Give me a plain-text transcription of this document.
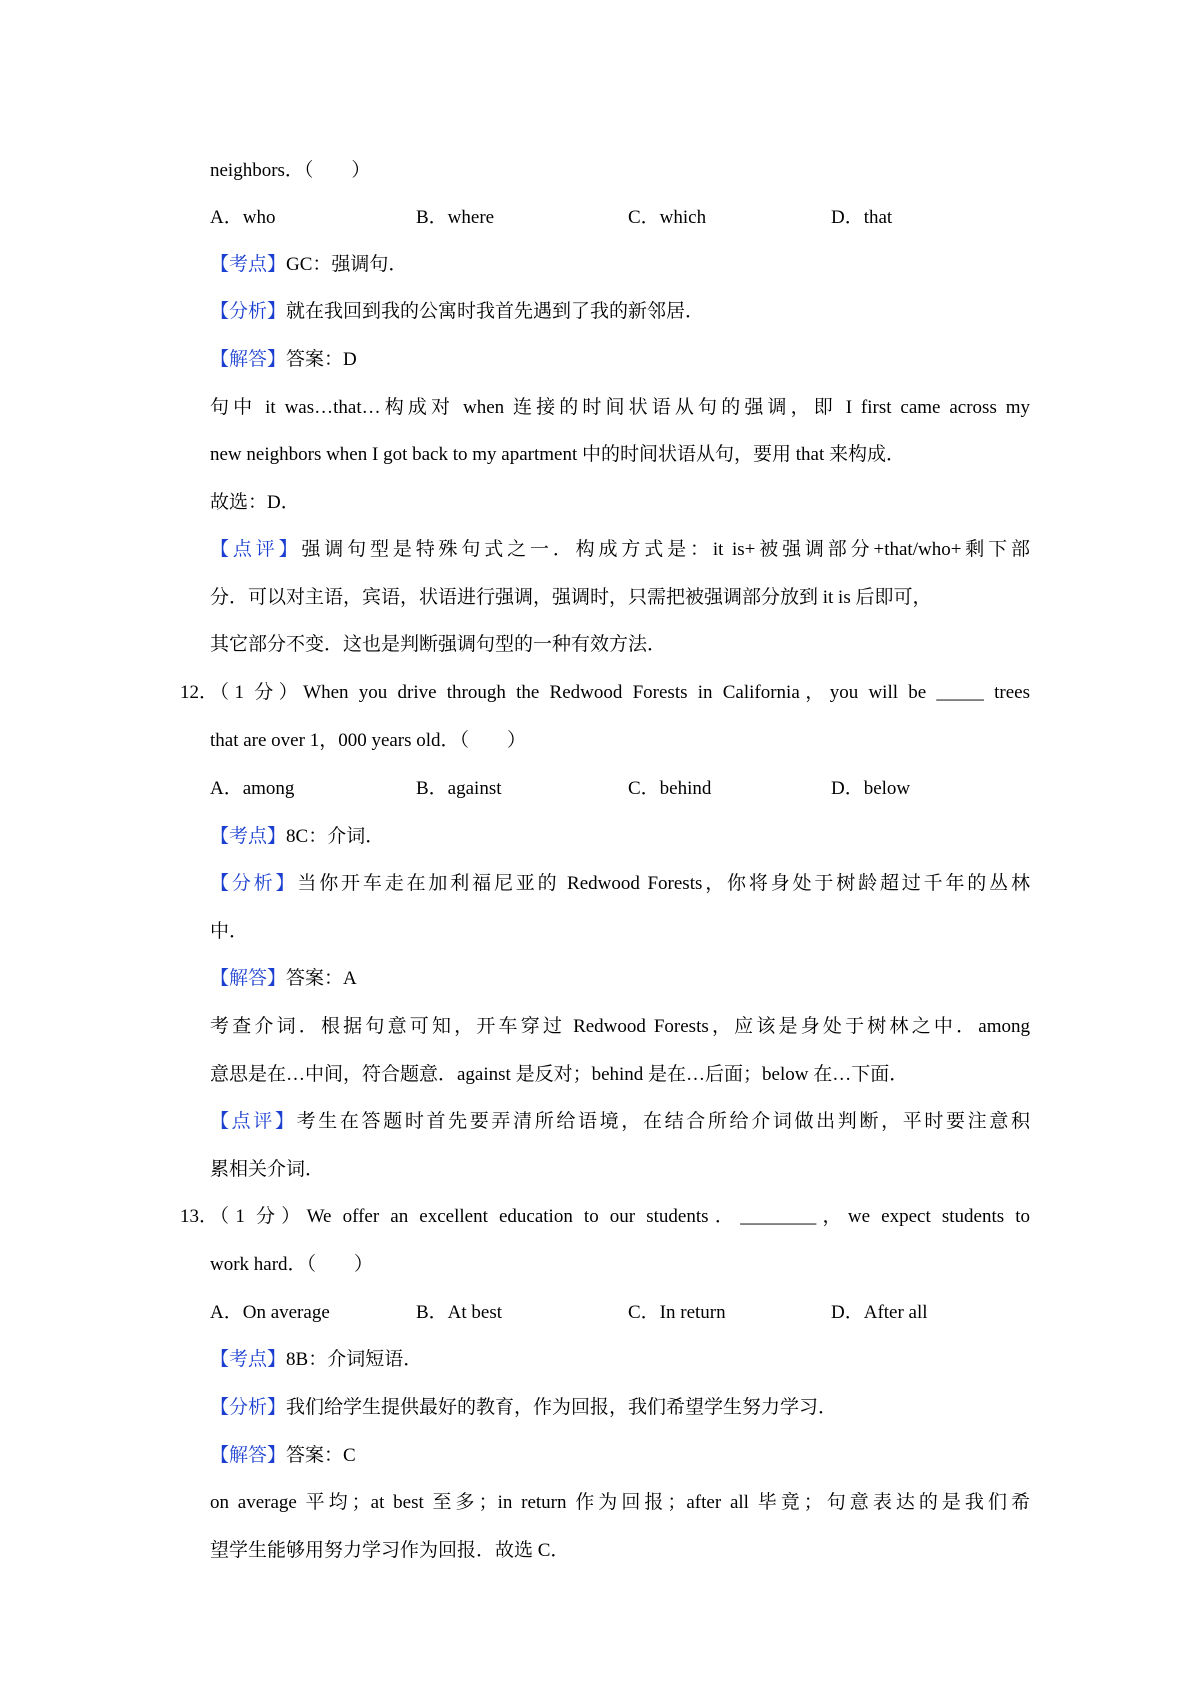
neighbors．（　　）
A．who	B．where	C．which	D．that
【考点】GC：强调句．
【分析】就在我回到我的公寓时我首先遇到了我的新邻居．
【解答】答案：D
句中 it was…that…构成对 when 连接的时间状语从句的强调，即 I first came across my
new neighbors when I got back to my apartment 中的时间状语从句，要用 that 来构成．
故选：D．
【点评】强调句型是特殊句式之一．构成方式是：it is+被强调部分+that/who+剩下部
分．可以对主语，宾语，状语进行强调，强调时，只需把被强调部分放到 it is 后即可，
其它部分不变．这也是判断强调句型的一种有效方法．
12．
（1 分）When you drive through the Redwood Forests in California，you will be _____ trees
that are over 1，000 years old．（　　）
A．among	B．against	C．behind	D．below
【考点】8C：介词．
【分析】当你开车走在加利福尼亚的 Redwood Forests，你将身处于树龄超过千年的丛林
中．
【解答】答案：A
考查介词．根据句意可知，开车穿过 Redwood Forests，应该是身处于树林之中．among
意思是在…中间，符合题意．against 是反对；behind 是在…后面；below 在…下面．
【点评】考生在答题时首先要弄清所给语境，在结合所给介词做出判断，平时要注意积
累相关介词．
13．
（1 分）We offer an excellent education to our students．________，we expect students to
work hard．（　　）
A．On average	B．At best	C．In return	D．After all
【考点】8B：介词短语．
【分析】我们给学生提供最好的教育，作为回报，我们希望学生努力学习．
【解答】答案：C
on average 平均；at best 至多；in return 作为回报；after all 毕竟；句意表达的是我们希
望学生能够用努力学习作为回报．故选 C．
